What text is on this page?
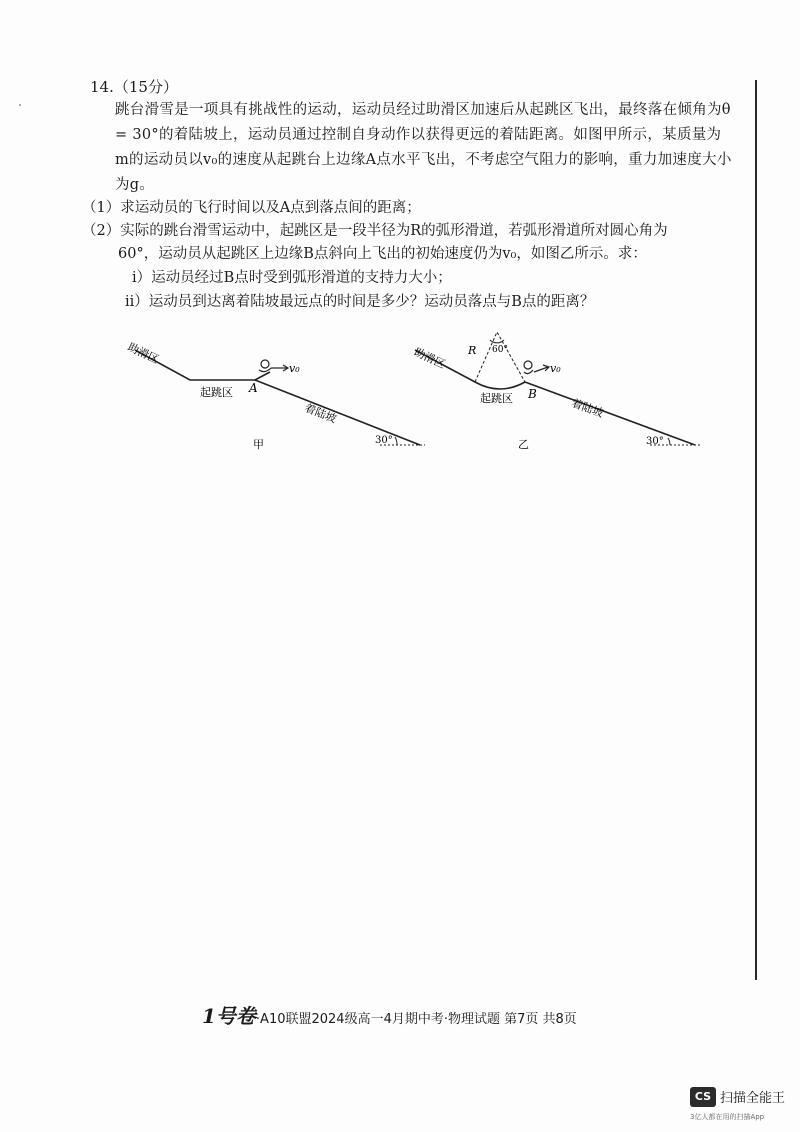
14.（15分）
跳台滑雪是一项具有挑战性的运动，运动员经过助滑区加速后从起跳区飞出，最终落在倾角为θ = 30°的着陆坡上，运动员通过控制自身动作以获得更远的着陆距离。如图甲所示，某质量为m的运动员以v₀的速度从起跳台上边缘A点水平飞出，不考虑空气阻力的影响，重力加速度大小为g。
（1）求运动员的飞行时间以及A点到落点间的距离；
（2）实际的跳台滑雪运动中，起跳区是一段半径为R的弧形滑道，若弧形滑道所对圆心角为
60°，运动员从起跳区上边缘B点斜向上飞出的初始速度仍为v₀，如图乙所示。求：
i）运动员经过B点时受到弧形滑道的支持力大小；
ii）运动员到达离着陆坡最远点的时间是多少？运动员落点与B点的距离？
助滑区
起跳区 A
v₀
着陆坡
30°
甲
R 60°
助滑区
起跳区 B
v₀
着陆坡
30°
乙
1号卷·A10联盟2024级高一4月期中考·物理试题 第7页 共8页
CS 扫描全能王
3亿人都在用的扫描App
